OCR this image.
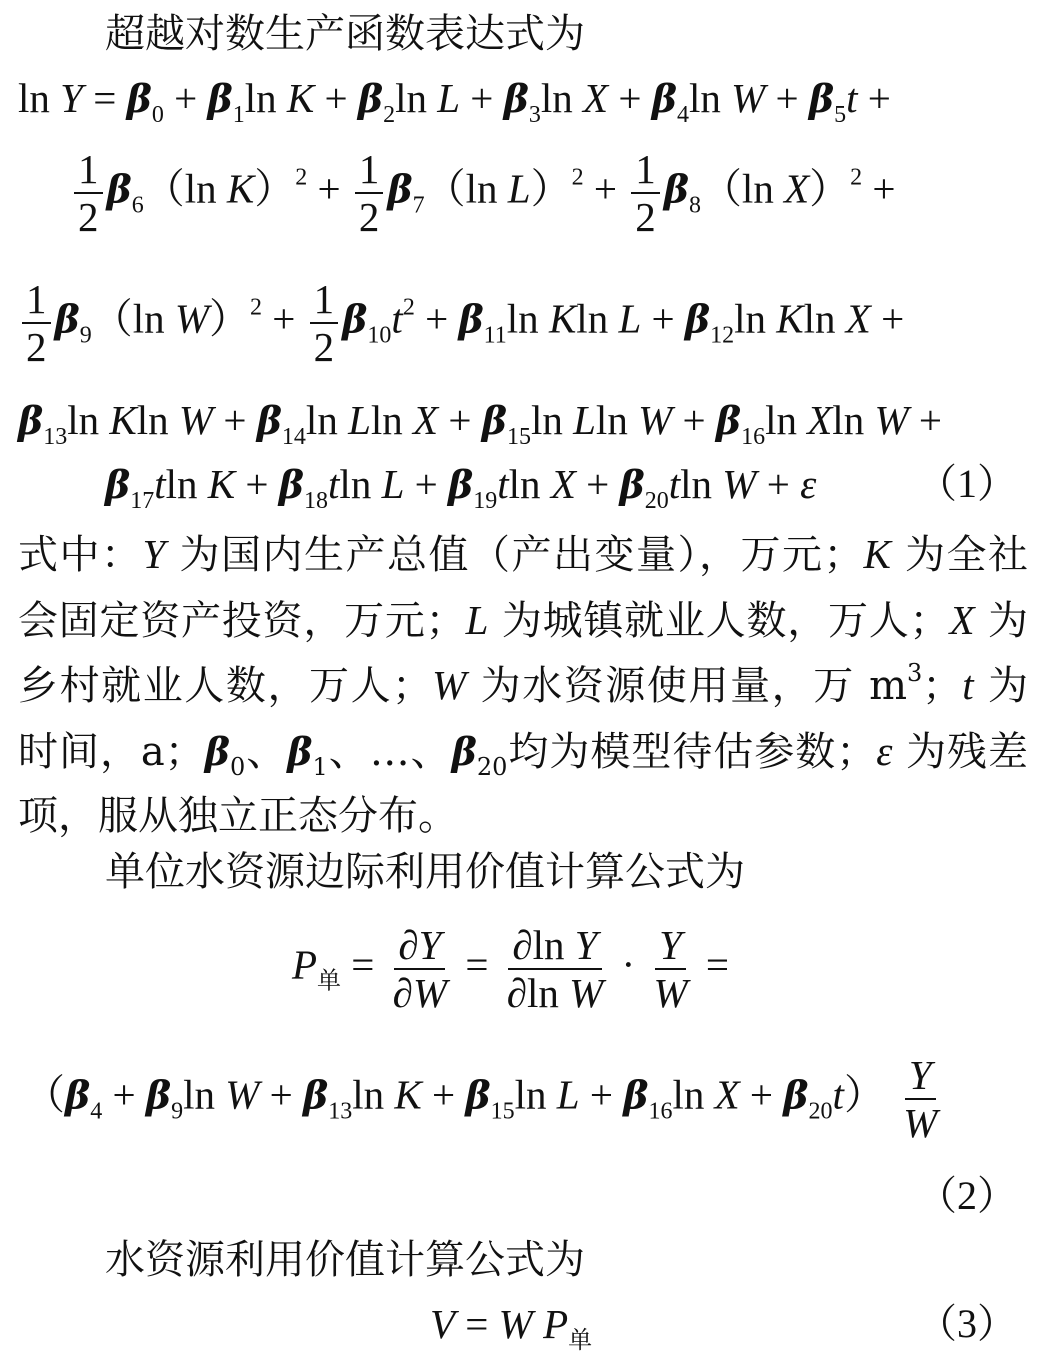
超越对数生产函数表达式为
$\ln Y = \beta_0 + \beta_1\ln$ $K + \beta_2\ln$ $L + \beta_3\ln$ $X + \beta_4\ln$ $W + \beta_5t$ +
$\frac{1}{2} \beta_6(\ln$ $K)^2 + \frac{1}{2} \beta_7(\ln$ $L)^2 + \frac{1}{2} \beta_8(\ln$ X）$^2$ +
$\frac{1}{2} \beta_9(\ln$ $W)^2 + \frac{1}{2} \beta_{10}t^2 + \beta_{11}\ln$ Kln $L + \beta_{12}\ln$ Kln X +
$\beta_{13}\ln$ Kln $W + \beta_{14}\ln$ Lln $X + \beta_{15}\ln$ Lln $W + \beta_{16}\ln$ Xln W +
$\beta_{17}tln$ $K + \beta_{18}tln$ $L + \beta_{19}tln$ $X + \beta_{20}tln$ W + ε	（1）
式中：Y 为国内生产总值（产出变量），万元；K 为全社会固定资产投资，万元；L 为城镇就业人数，万人；X 为乡村就业人数，万人；W 为水资源使用量，万 $m^3$；t 为时间，a；$\beta_0$、$\beta_1$、…、$\beta_{20}$均为模型待估参数；ε 为残差项，服从独立正态分布。
单位水资源边际利用价值计算公式为
$P_单 = \frac{\partial Y}{\partial W} = \frac{\text{∂ln Y}}{\text{∂ln W}} \cdot \frac{Y}{W}$ =
（$\beta_4 + \beta_9\ln$ $W + \beta_{13}\ln$ $K + \beta_{15}\ln$ $L + \beta_{16}\ln$ $X + \beta_{20}t) \frac{Y}{W}$
（2）
水资源利用价值计算公式为
V = W $P_单$	（3）
